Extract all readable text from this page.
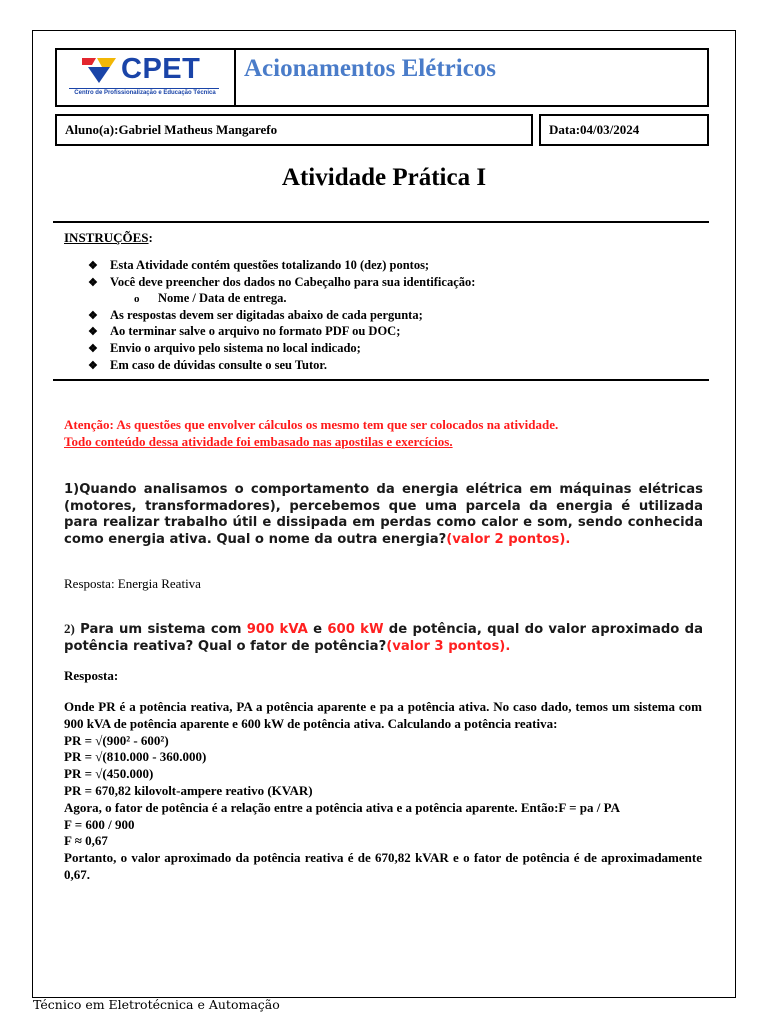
CPET
Centro de Profissionalização e Educação Técnica
Acionamentos Elétricos
Aluno(a):Gabriel Matheus Mangarefo	Data:04/03/2024
Atividade Prática I
INSTRUÇÕES:
❖ Esta Atividade contém questões totalizando 10 (dez) pontos;
❖ Você deve preencher dos dados no Cabeçalho para sua identificação:
o Nome / Data de entrega.
❖ As respostas devem ser digitadas abaixo de cada pergunta;
❖ Ao terminar salve o arquivo no formato PDF ou DOC;
❖ Envio o arquivo pelo sistema no local indicado;
❖ Em caso de dúvidas consulte o seu Tutor.
Atenção: As questões que envolver cálculos os mesmo tem que ser colocados na atividade.
Todo conteúdo dessa atividade foi embasado nas apostilas e exercícios.
1)Quando analisamos o comportamento da energia elétrica em máquinas elétricas (motores, transformadores), percebemos que uma parcela da energia é utilizada para realizar trabalho útil e dissipada em perdas como calor e som, sendo conhecida como energia ativa. Qual o nome da outra energia?(valor 2 pontos).
Resposta: Energia Reativa
2) Para um sistema com 900 kVA e 600 kW de potência, qual do valor aproximado da potência reativa? Qual o fator de potência?(valor 3 pontos).
Resposta:

Onde PR é a potência reativa, PA a potência aparente e pa a potência ativa. No caso dado, temos um sistema com 900 kVA de potência aparente e 600 kW de potência ativa. Calculando a potência reativa:

PR = √(900² - 600²)

PR = √(810.000 - 360.000)

PR = √(450.000)

PR = 670,82 kilovolt-ampere reativo (KVAR)

Agora, o fator de potência é a relação entre a potência ativa e a potência aparente. Então:F = pa / PA

F = 600 / 900

F ≈ 0,67

Portanto, o valor aproximado da potência reativa é de 670,82 kVAR e o fator de potência é de aproximadamente 0,67.

Técnico em Eletrotécnica e Automação
